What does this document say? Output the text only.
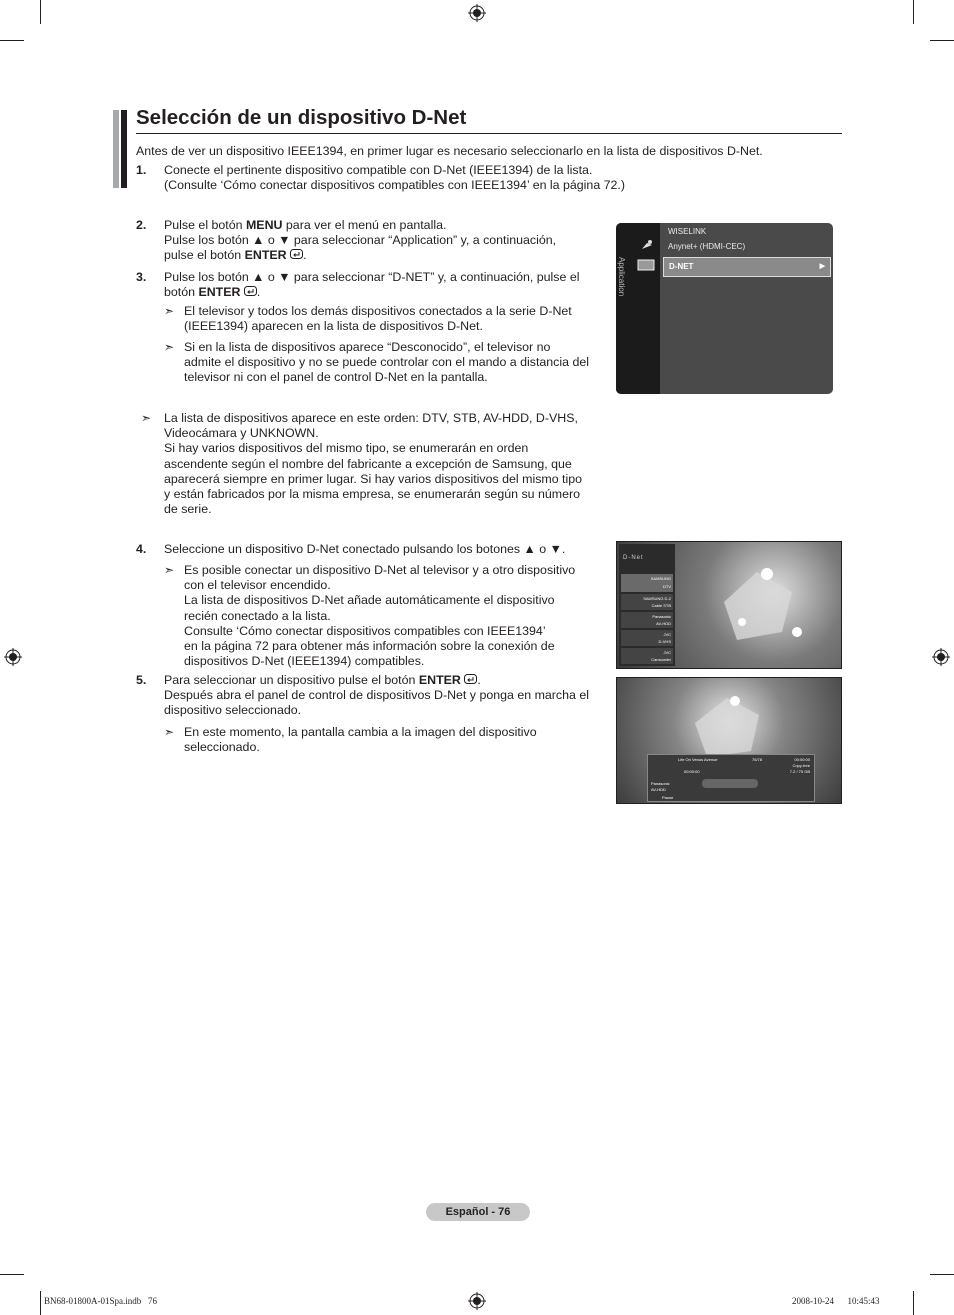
Selección de un dispositivo D-Net
Antes de ver un dispositivo IEEE1394, en primer lugar es necesario seleccionarlo en la lista de dispositivos D-Net.
1. Conecte el pertinente dispositivo compatible con D-Net (IEEE1394) de la lista.
(Consulte ‘Cómo conectar dispositivos compatibles con IEEE1394’ en la página 72.)
2. Pulse el botón MENU para ver el menú en pantalla.
Pulse los botón ▲ o ▼ para seleccionar “Application” y, a continuación,
pulse el botón ENTER .
3. Pulse los botón ▲ o ▼ para seleccionar “D-NET” y, a continuación, pulse el
botón ENTER .
➣ El televisor y todos los demás dispositivos conectados a la serie D-Net
(IEEE1394) aparecen en la lista de dispositivos D-Net.
➣ Si en la lista de dispositivos aparece “Desconocido”, el televisor no
admite el dispositivo y no se puede controlar con el mando a distancia del
televisor ni con el panel de control D-Net en la pantalla.
Application
WISELINK
Anynet+ (HDMI-CEC)
D-NET	▶
➣ La lista de dispositivos aparece en este orden: DTV, STB, AV-HDD, D-VHS,
Videocámara y UNKNOWN.
Si hay varios dispositivos del mismo tipo, se enumerarán en orden
ascendente según el nombre del fabricante a excepción de Samsung, que
aparecerá siempre en primer lugar. Si hay varios dispositivos del mismo tipo
y están fabricados por la misma empresa, se enumerarán según su número
de serie.
4. Seleccione un dispositivo D-Net conectado pulsando los botones ▲ o ▼.
➣ Es posible conectar un dispositivo D-Net al televisor y a otro dispositivo
con el televisor encendido.
La lista de dispositivos D-Net añade automáticamente el dispositivo
recién conectado a la lista.
Consulte ‘Cómo conectar dispositivos compatibles con IEEE1394’
en la página 72 para obtener más información sobre la conexión de
dispositivos D-Net (IEEE1394) compatibles.
D-Net
SAMSUNG
DTV
SAMSUNG D-2
Cable STB
Panasonic
AV-HDD
JVC
D-VHS
JVC
Camcorder
5. Para seleccionar un dispositivo pulse el botón ENTER .
Después abra el panel de control de dispositivos D-Net y ponga en marcha el
dispositivo seleccionado.
➣ En este momento, la pantalla cambia a la imagen del dispositivo
seleccionado.
Life On Venus Avenue	76/78	00:00:00
Copy-free
00:00:00	7.2 / 75 GB
Panasonic
AV-HDD
Pause
Español - 76
BN68-01800A-01Spa.indb   76	2008-10-24      10:45:43
